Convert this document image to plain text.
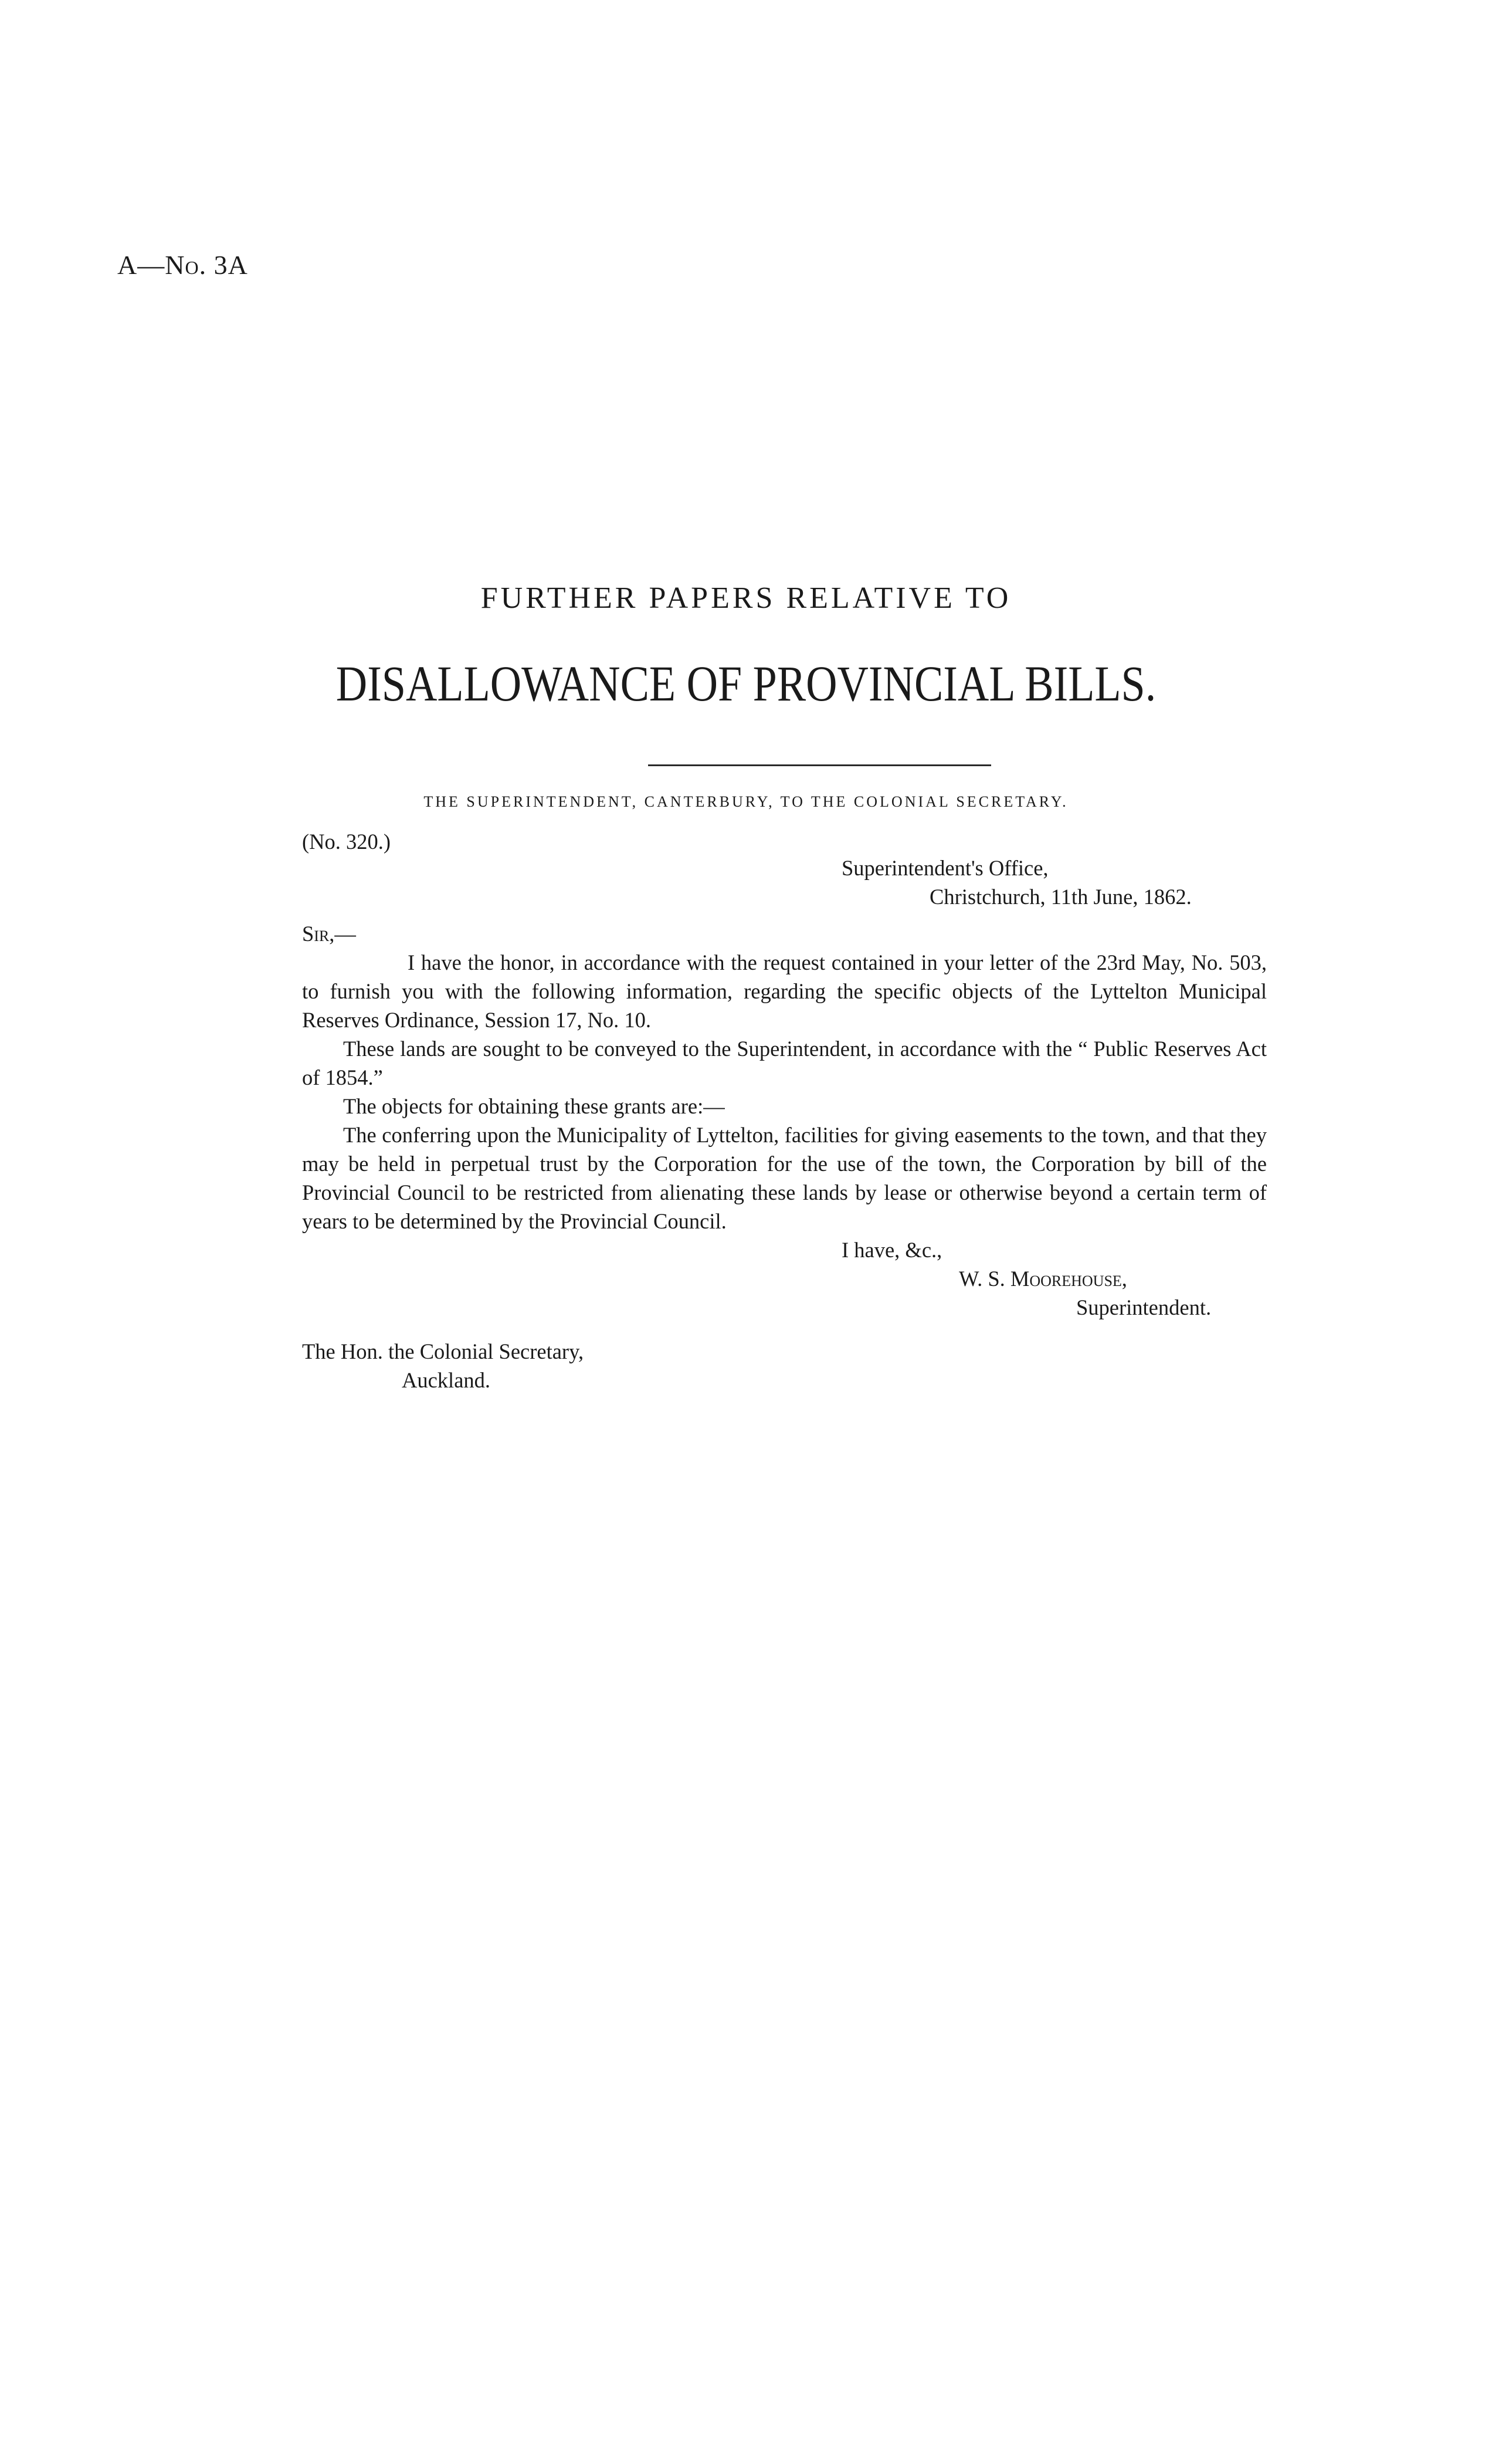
A—No. 3A
FURTHER PAPERS RELATIVE TO
DISALLOWANCE OF PROVINCIAL BILLS.
THE SUPERINTENDENT, CANTERBURY, TO THE COLONIAL SECRETARY.
(No. 320.)
Superintendent's Office,
Christchurch, 11th June, 1862.
Sir,—

I have the honor, in accordance with the request contained in your letter of the 23rd May, No. 503, to furnish you with the following information, regarding the specific objects of the Lyttelton Municipal Reserves Ordinance, Session 17, No. 10.

These lands are sought to be conveyed to the Superintendent, in accordance with the “ Public Reserves Act of 1854.”

The objects for obtaining these grants are:—

The conferring upon the Municipality of Lyttelton, facilities for giving easements to the town, and that they may be held in perpetual trust by the Corporation for the use of the town, the Corporation by bill of the Provincial Council to be restricted from alienating these lands by lease or otherwise beyond a certain term of years to be determined by the Provincial Council.

I have, &c.,
W. S. Moorehouse,
Superintendent.
The Hon. the Colonial Secretary,
Auckland.
